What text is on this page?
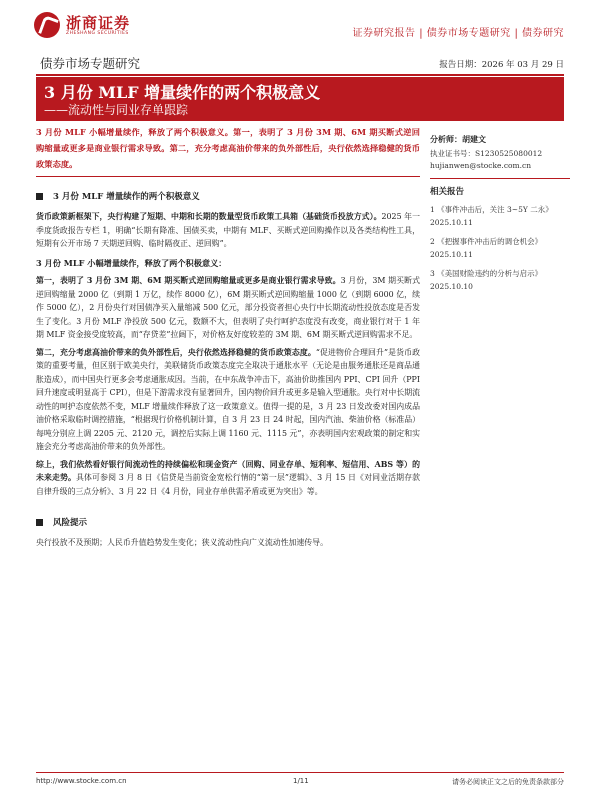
浙商证券
ZHESHANG SECURITIES	证券研究报告 | 债券市场专题研究 | 债券研究
债券市场专题研究	报告日期：2026 年 03 月 29 日
3 月份 MLF 增量续作的两个积极意义
——流动性与同业存单跟踪
3 月份 MLF 小幅增量续作，释放了两个积极意义。第一，表明了 3 月份 3M 期、6M 期买断式逆回购缩量或更多是商业银行需求导致。第二，充分考虑高油价带来的负外部性后，央行依然选择稳健的货币政策态度。
分析师：胡建文
执业证书号：S1230525080012
hujianwen@stocke.com.cn
相关报告
1 《事件冲击后，关注 3~5Y 二永》 2025.10.11
2 《把握事件冲击后的调仓机会》 2025.10.11
3 《美国财险违约的分析与启示》 2025.10.10
3 月份 MLF 增量续作的两个积极意义

货币政策新框架下，央行构建了短期、中期和长期的数量型货币政策工具箱（基础货币投放方式）。2025 年一季度货政报告专栏 1，明确“长期有降准、国债买卖，中期有 MLF、买断式逆回购操作以及各类结构性工具，短期有公开市场 7 天期逆回购、临时隔夜正、逆回购”。

3 月份 MLF 小幅增量续作，释放了两个积极意义：

第一，表明了 3 月份 3M 期、6M 期买断式逆回购缩量或更多是商业银行需求导致。3 月份，3M 期买断式逆回购缩量 2000 亿（到期 1 万亿，续作 8000 亿），6M 期买断式逆回购缩量 1000 亿（到期 6000 亿，续作 5000 亿），2 月份央行对国债净买入量缩减 500 亿元，部分投资者担心央行中长期流动性投放态度是否发生了变化。3 月份 MLF 净投放 500 亿元，数额不大，但表明了央行呵护态度没有改变，商业银行对于 1 年期 MLF 资金接受度较高，而“存贷差”拉阔下，对价格友好度较差的 3M 期、6M 期买断式逆回购需求不足。

第二，充分考虑高油价带来的负外部性后，央行依然选择稳健的货币政策态度。“促进物价合理回升”是货币政策的重要考量，但区别于欧美央行，美联储货币政策态度完全取决于通胀水平（无论是由服务通胀还是商品通胀造成），而中国央行更多会考虑通胀成因。当前，在中东战争冲击下，高油价助推国内 PPI、CPI 回升（PPI 回升速度或明显高于 CPI），但是下游需求没有显著回升，国内物价回升或更多是输入型通胀。央行对中长期流动性的呵护态度依然不变，MLF 增量续作释放了这一政策意义。值得一提的是，3 月 23 日发改委对国内成品油价格采取临时调控措施，“根据现行价格机制计算，自 3 月 23 日 24 时起，国内汽油、柴油价格（标准品）每吨分别应上调 2205 元、2120 元，调控后实际上调 1160 元、1115 元”，亦表明国内宏观政策的制定和实施会充分考虑高油价带来的负外部性。

综上，我们依然看好银行间流动性的持续偏松和现金资产（回购、同业存单、短利率、短信用、ABS 等）的未来走势。具体可参阅 3 月 8 日《信贷是当前资金宽松行情的“第一层”逻辑》、3 月 15 日《对同业活期存款自律升级的三点分析》、3 月 22 日《4 月份，同业存单供需矛盾或更为突出》等。

风险提示

央行投放不及预期；人民币升值趋势发生变化；狭义流动性向广义流动性加速传导。

http://www.stocke.com.cn	1/11	请务必阅读正文之后的免责条款部分
